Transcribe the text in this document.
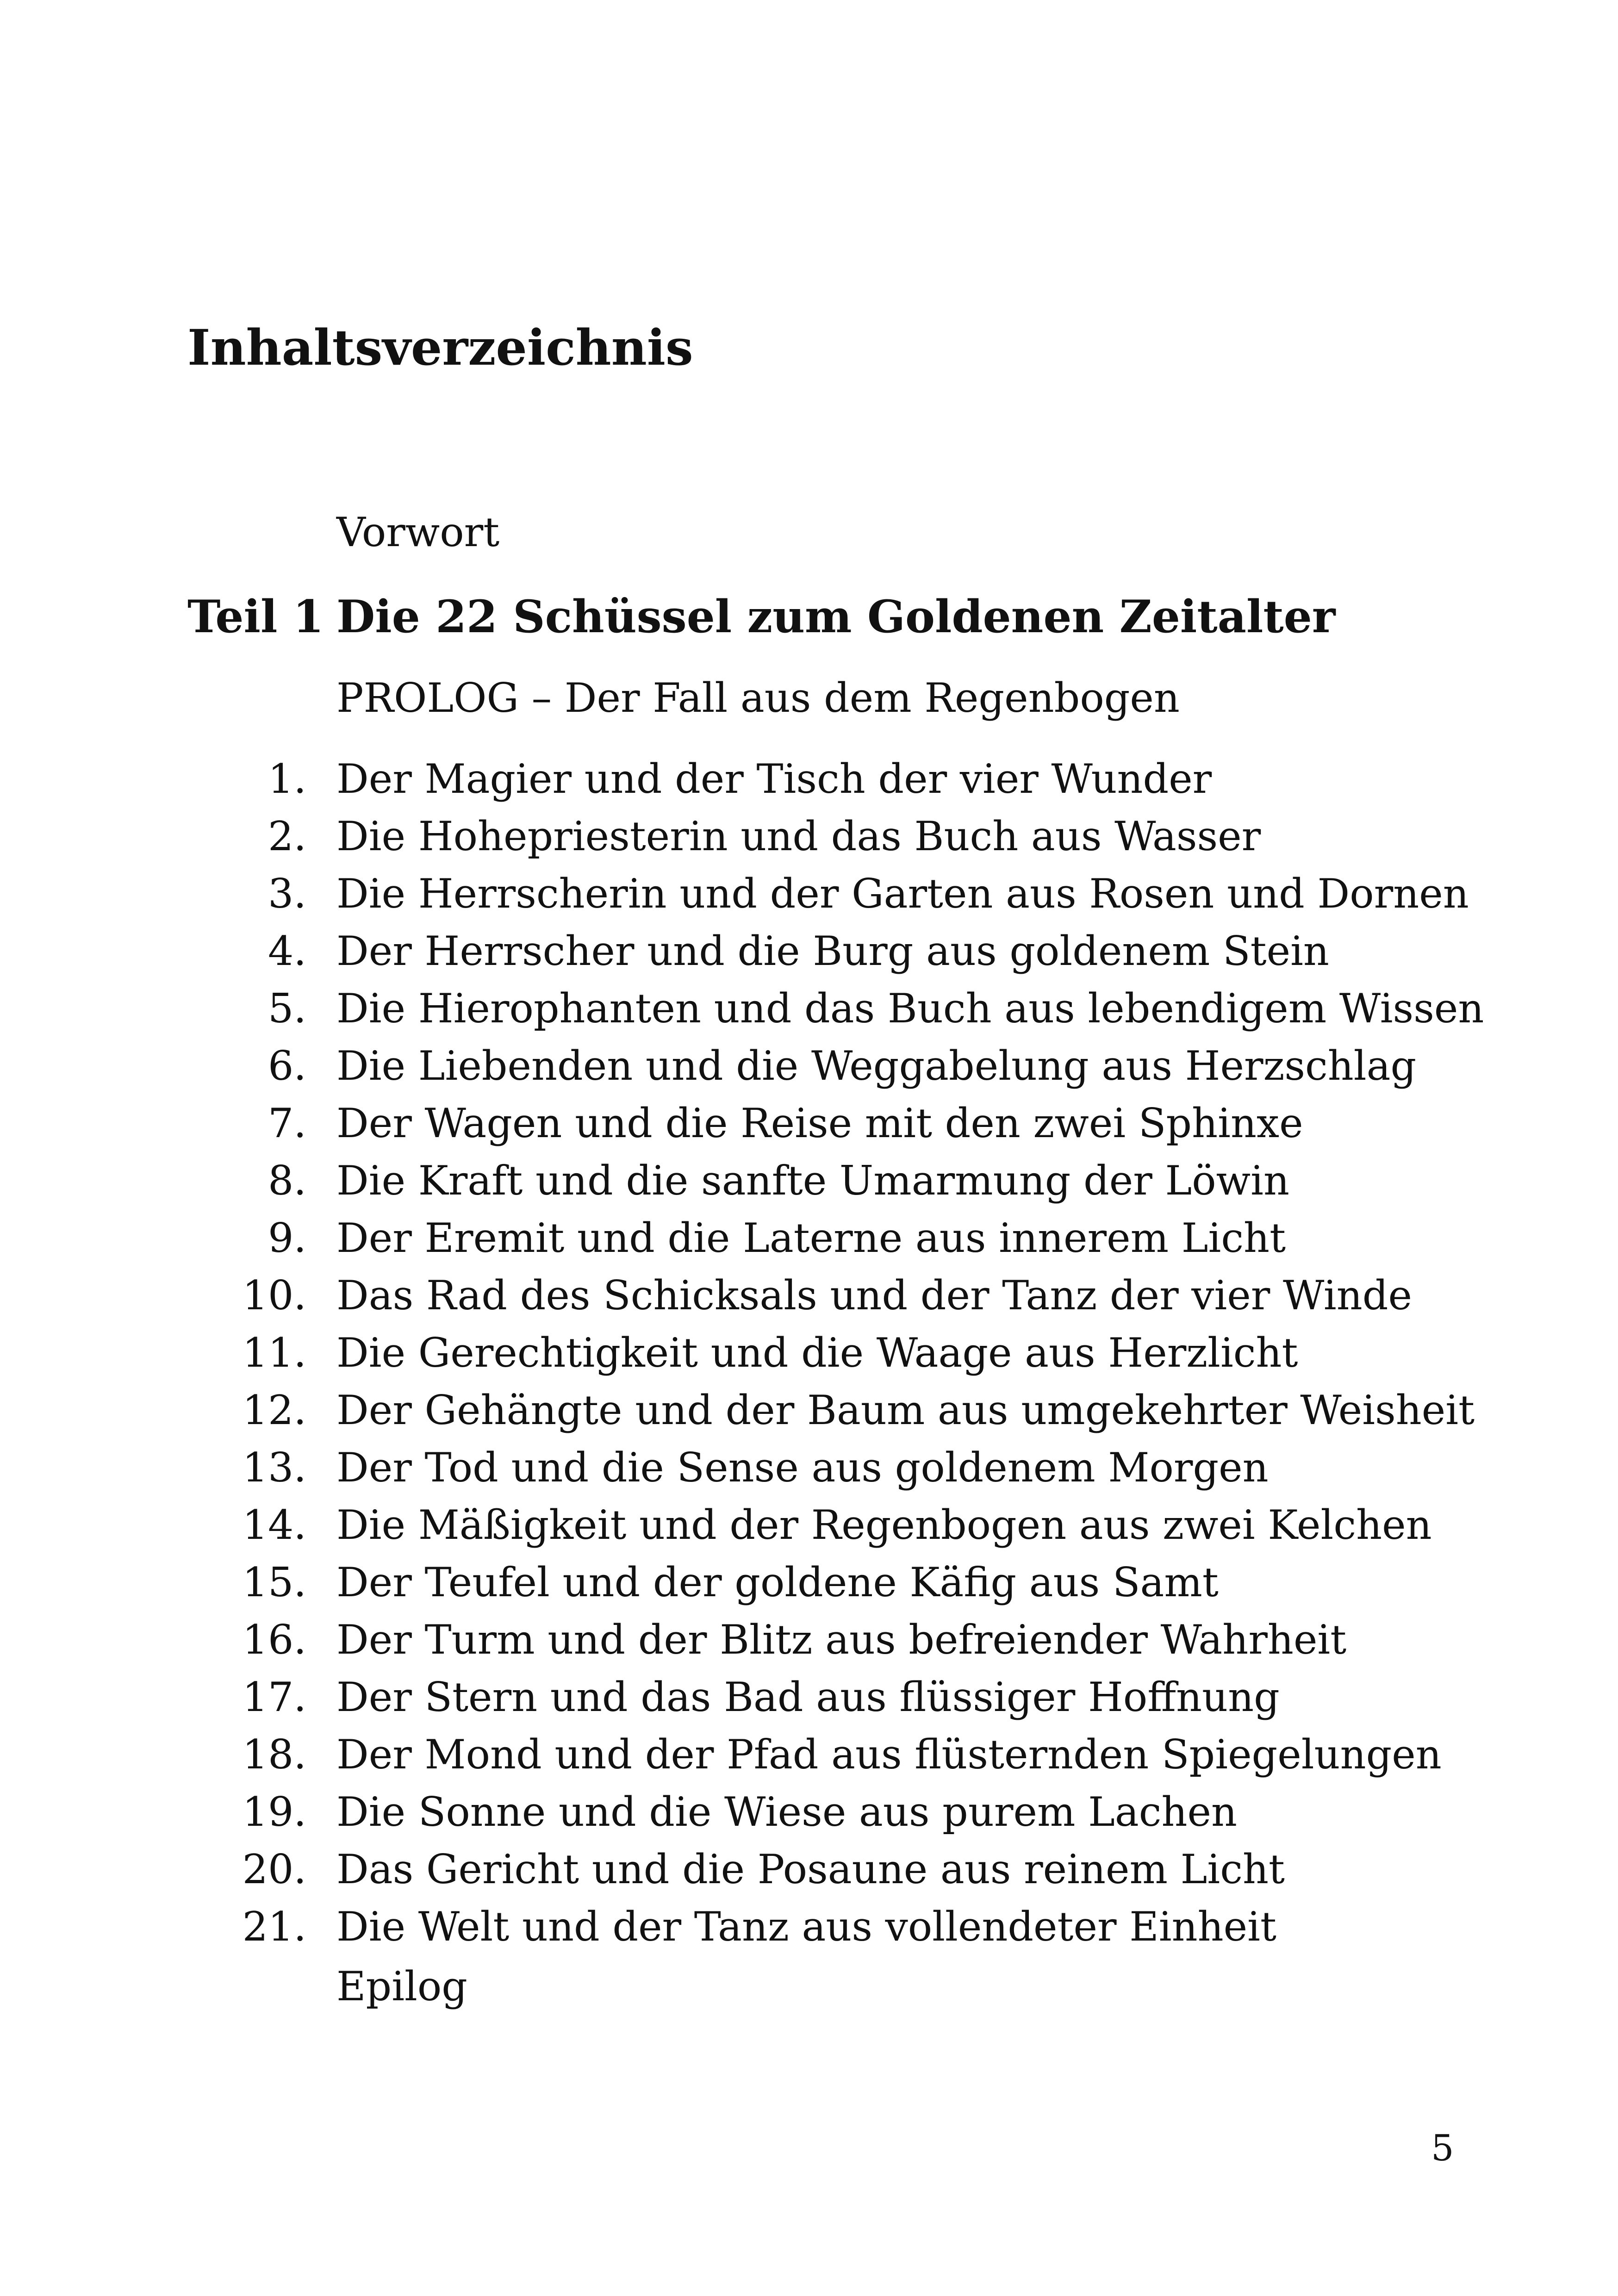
Inhaltsverzeichnis
Vorwort
Teil 1 Die 22 Schüssel zum Goldenen Zeitalter
PROLOG – Der Fall aus dem Regenbogen
1. Der Magier und der Tisch der vier Wunder
2. Die Hohepriesterin und das Buch aus Wasser
3. Die Herrscherin und der Garten aus Rosen und Dornen
4. Der Herrscher und die Burg aus goldenem Stein
5. Die Hierophanten und das Buch aus lebendigem Wissen
6. Die Liebenden und die Weggabelung aus Herzschlag
7. Der Wagen und die Reise mit den zwei Sphinxe
8. Die Kraft und die sanfte Umarmung der Löwin
9. Der Eremit und die Laterne aus innerem Licht
10. Das Rad des Schicksals und der Tanz der vier Winde
11. Die Gerechtigkeit und die Waage aus Herzlicht
12. Der Gehängte und der Baum aus umgekehrter Weisheit
13. Der Tod und die Sense aus goldenem Morgen
14. Die Mäßigkeit und der Regenbogen aus zwei Kelchen
15. Der Teufel und der goldene Käfig aus Samt
16. Der Turm und der Blitz aus befreiender Wahrheit
17. Der Stern und das Bad aus flüssiger Hoffnung
18. Der Mond und der Pfad aus flüsternden Spiegelungen
19. Die Sonne und die Wiese aus purem Lachen
20. Das Gericht und die Posaune aus reinem Licht
21. Die Welt und der Tanz aus vollendeter Einheit
Epilog
5
